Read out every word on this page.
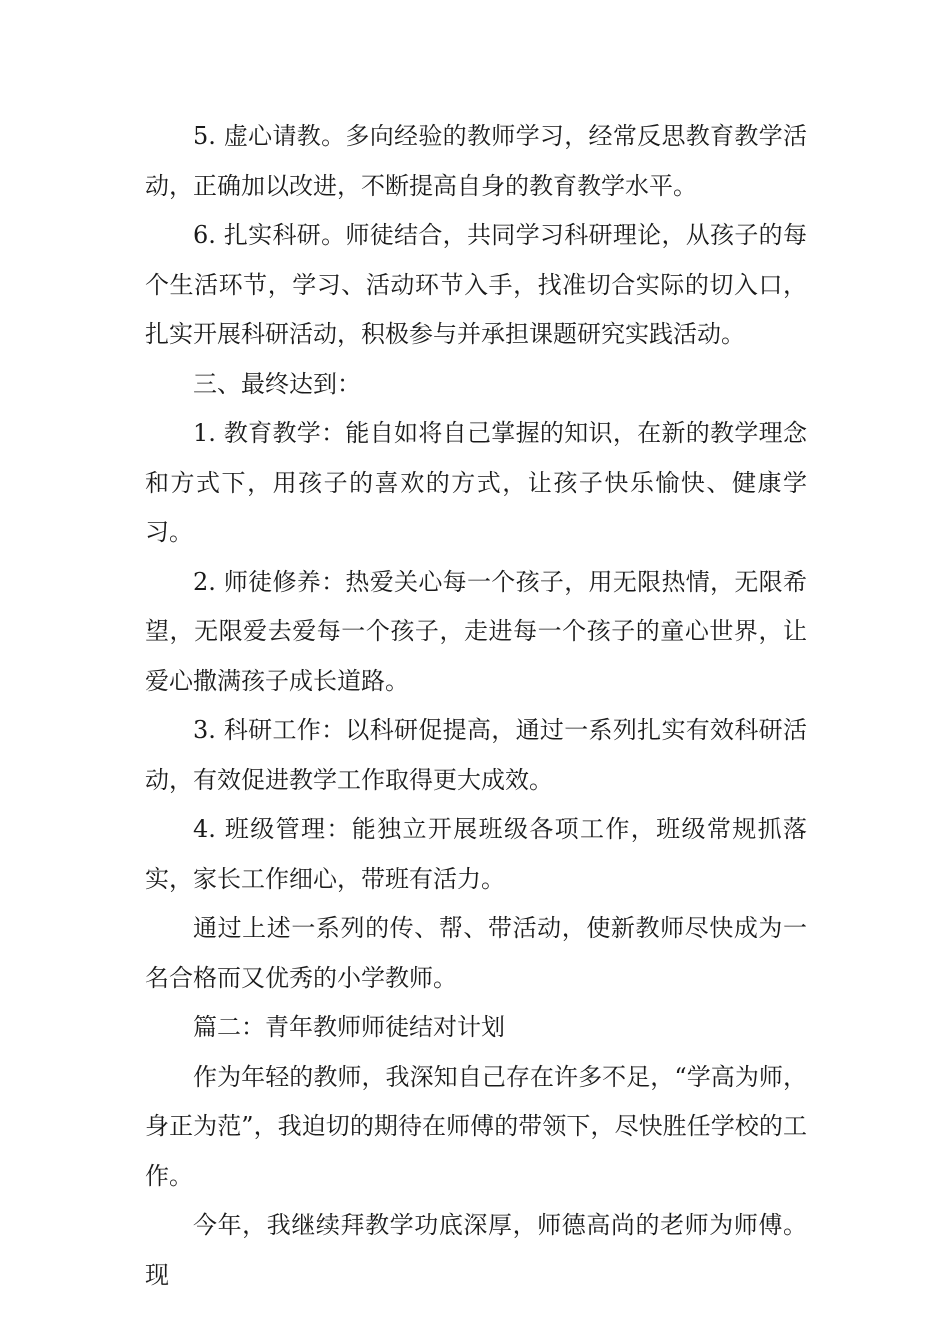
5. 虚心请教。多向经验的教师学习，经常反思教育教学活动，正确加以改进，不断提高自身的教育教学水平。

6. 扎实科研。师徒结合，共同学习科研理论，从孩子的每个生活环节，学习、活动环节入手，找准切合实际的切入口，扎实开展科研活动，积极参与并承担课题研究实践活动。

三、最终达到：

1. 教育教学：能自如将自己掌握的知识，在新的教学理念和方式下，用孩子的喜欢的方式，让孩子快乐愉快、健康学习。

2. 师徒修养：热爱关心每一个孩子，用无限热情，无限希望，无限爱去爱每一个孩子，走进每一个孩子的童心世界，让爱心撒满孩子成长道路。

3. 科研工作：以科研促提高，通过一系列扎实有效科研活动，有效促进教学工作取得更大成效。

4. 班级管理：能独立开展班级各项工作，班级常规抓落实，家长工作细心，带班有活力。

通过上述一系列的传、帮、带活动，使新教师尽快成为一名合格而又优秀的小学教师。

篇二：青年教师师徒结对计划

作为年轻的教师，我深知自己存在许多不足，“学高为师，身正为范”，我迫切的期待在师傅的带领下，尽快胜任学校的工作。

今年，我继续拜教学功底深厚，师德高尚的老师为师傅。现
